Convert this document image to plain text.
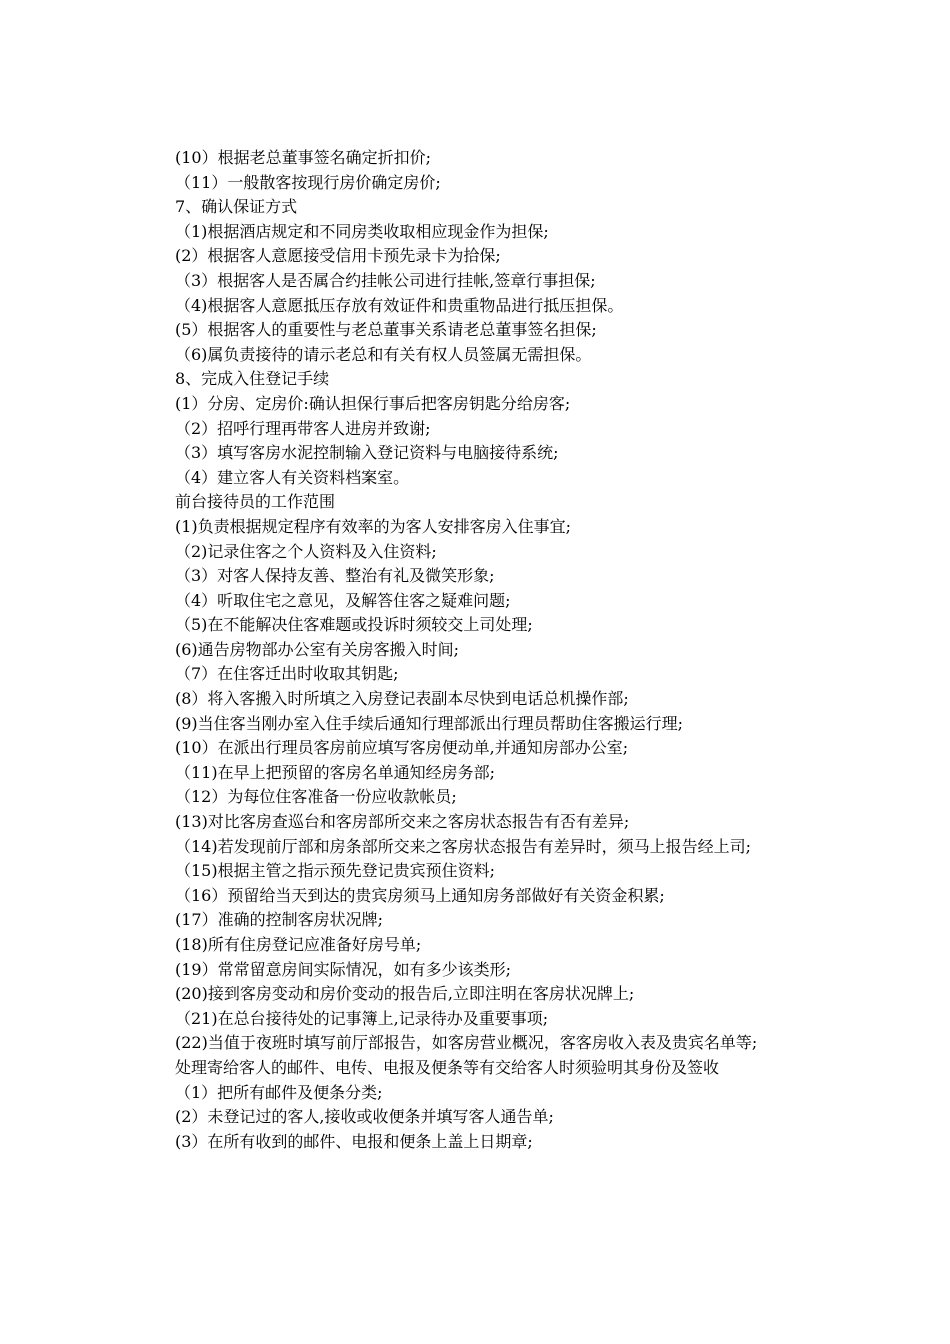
(10）根据老总董事签名确定折扣价;

（11）一般散客按现行房价确定房价;

7、确认保证方式

（1)根据酒店规定和不同房类收取相应现金作为担保;

(2）根据客人意愿接受信用卡预先录卡为拾保;

（3）根据客人是否属合约挂帐公司进行挂帐,签章行事担保;

（4)根据客人意愿抵压存放有效证件和贵重物品进行抵压担保。

(5）根据客人的重要性与老总董事关系请老总董事签名担保;

（6)属负责接待的请示老总和有关有权人员签属无需担保。

8、完成入住登记手续

(1）分房、定房价:确认担保行事后把客房钥匙分给房客;

（2）招呼行理再带客人进房并致谢;

（3）填写客房水泥控制输入登记资料与电脑接待系统;

（4）建立客人有关资料档案室。

前台接待员的工作范围

(1)负责根据规定程序有效率的为客人安排客房入住事宜;

（2)记录住客之个人资料及入住资料;

（3）对客人保持友善、整治有礼及微笑形象;

（4）听取住宅之意见，及解答住客之疑难问题;

（5)在不能解决住客难题或投诉时须较交上司处理;

(6)通告房物部办公室有关房客搬入时间;

（7）在住客迁出时收取其钥匙;

(8）将入客搬入时所填之入房登记表副本尽快到电话总机操作部;

(9)当住客当刚办室入住手续后通知行理部派出行理员帮助住客搬运行理;

(10）在派出行理员客房前应填写客房便动单,并通知房部办公室;

（11)在早上把预留的客房名单通知经房务部;

（12）为每位住客准备一份应收款帐员;

(13)对比客房查巡台和客房部所交来之客房状态报告有否有差异;

（14)若发现前厅部和房条部所交来之客房状态报告有差异时，须马上报告经上司;

（15)根据主管之指示预先登记贵宾预住资料;

（16）预留给当天到达的贵宾房须马上通知房务部做好有关资金积累;

(17）准确的控制客房状况牌;

(18)所有住房登记应准备好房号单;

(19）常常留意房间实际情况，如有多少该类形;

(20)接到客房变动和房价变动的报告后,立即注明在客房状况牌上;

（21)在总台接待处的记事簿上,记录待办及重要事项;

(22)当值于夜班时填写前厅部报告，如客房营业概况，客客房收入表及贵宾名单等;

处理寄给客人的邮件、电传、电报及便条等有交给客人时须验明其身份及签收

（1）把所有邮件及便条分类;

(2）未登记过的客人,接收或收便条并填写客人通告单;

(3）在所有收到的邮件、电报和便条上盖上日期章;
